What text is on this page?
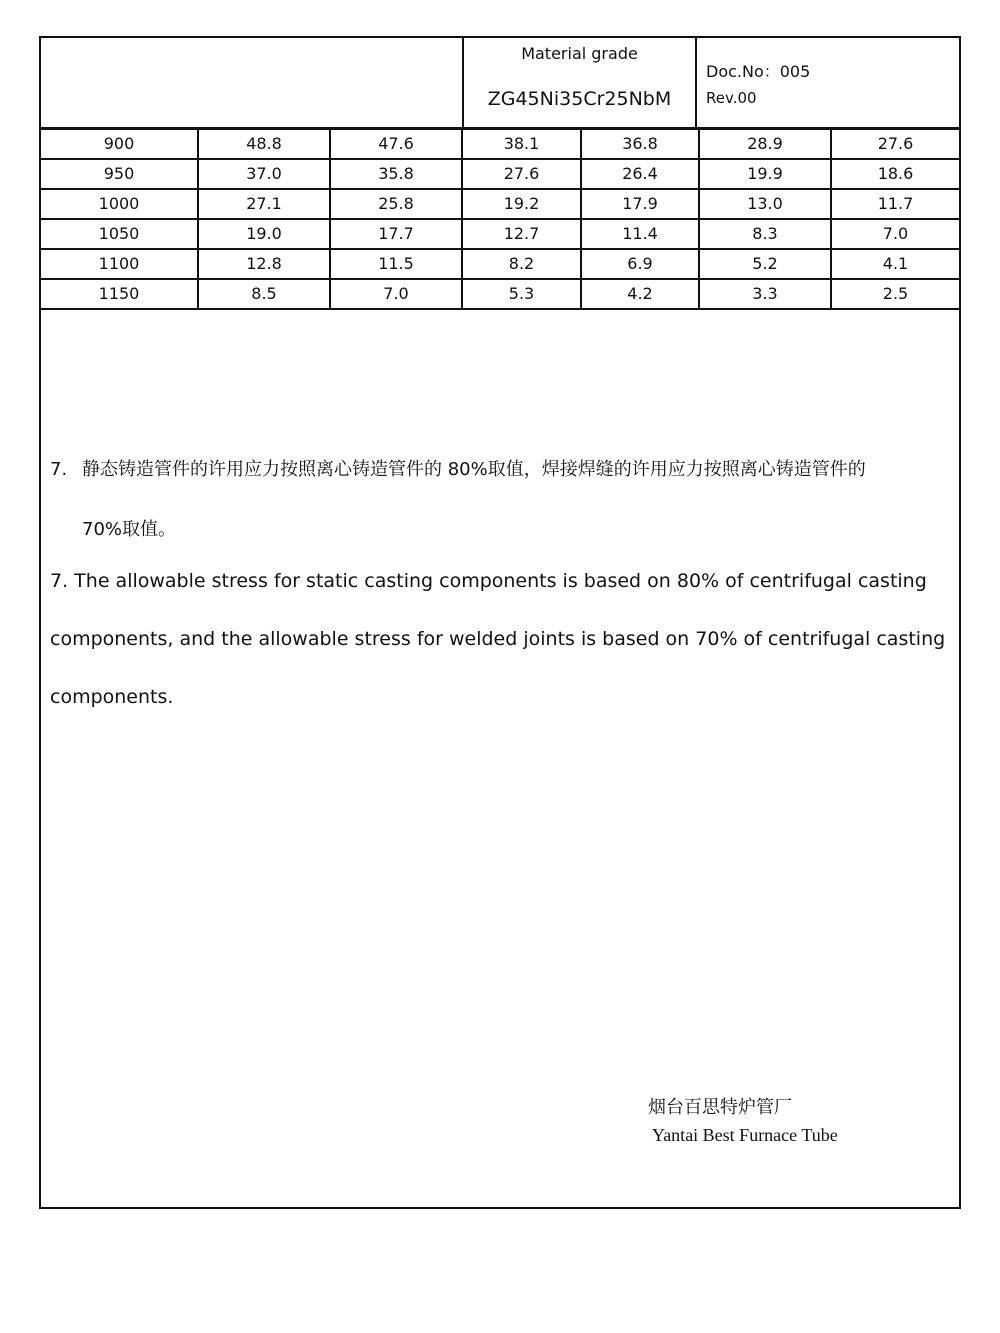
Material grade
ZG45Ni35Cr25NbM
Doc.No：005
Rev.00
900	48.8	47.6	38.1	36.8	28.9	27.6
950	37.0	35.8	27.6	26.4	19.9	18.6
1000	27.1	25.8	19.2	17.9	13.0	11.7
1050	19.0	17.7	12.7	11.4	8.3	7.0
1100	12.8	11.5	8.2	6.9	5.2	4.1
1150	8.5	7.0	5.3	4.2	3.3	2.5
7. 静态铸造管件的许用应力按照离心铸造管件的 80%取值，焊接焊缝的许用应力按照离心铸造管件的
70%取值。
7. The allowable stress for static casting components is based on 80% of centrifugal casting components, and the allowable stress for welded joints is based on 70% of centrifugal casting components.
烟台百思特炉管厂
Yantai Best Furnace Tube
